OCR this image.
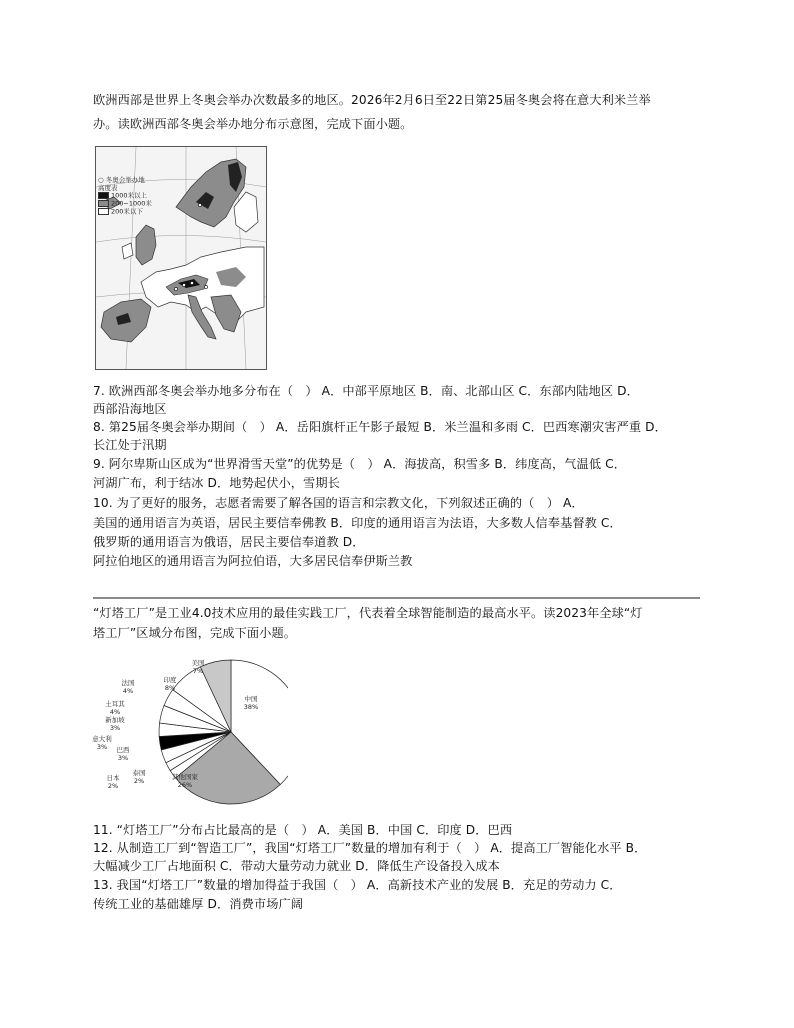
欧洲西部是世界上冬奥会举办次数最多的地区。2026年2月6日至22日第25届冬奥会将在意大利米兰举
办。读欧洲西部冬奥会举办地分布示意图，完成下面小题。
○ 冬奥会举办地
高度表
1000米以上
200~1000米
200米以下
7. 欧洲西部冬奥会举办地多分布在（　） A．中部平原地区 B．南、北部山区 C．东部内陆地区 D．
西部沿海地区
8. 第25届冬奥会举办期间（　） A．岳阳旗杆正午影子最短 B．米兰温和多雨 C．巴西寒潮灾害严重 D．
长江处于汛期
9. 阿尔卑斯山区成为“世界滑雪天堂”的优势是（　） A．海拔高，积雪多 B．纬度高，气温低 C．
河湖广布，利于结冰 D．地势起伏小，雪期长
10. 为了更好的服务，志愿者需要了解各国的语言和宗教文化，下列叙述正确的（　） A．
美国的通用语言为英语，居民主要信奉佛教 B．印度的通用语言为法语，大多数人信奉基督教 C．
俄罗斯的通用语言为俄语，居民主要信奉道教 D．
阿拉伯地区的通用语言为阿拉伯语，大多居民信奉伊斯兰教
“灯塔工厂”是工业4.0技术应用的最佳实践工厂，代表着全球智能制造的最高水平。读2023年全球“灯
塔工厂”区域分布图，完成下面小题。
中国
38%
其他国家
26%
泰国
2%
日本
2%
巴西
3%
意大利
3%
新加坡
3%
土耳其
4%
法国
4%
印度
8%
美国
7%
11. “灯塔工厂”分布占比最高的是（　） A．美国 B．中国 C．印度 D．巴西
12. 从制造工厂到“智造工厂”，我国“灯塔工厂”数量的增加有利于（　） A．提高工厂智能化水平 B．
大幅减少工厂占地面积 C．带动大量劳动力就业 D．降低生产设备投入成本
13. 我国“灯塔工厂”数量的增加得益于我国（　） A．高新技术产业的发展 B．充足的劳动力 C．
传统工业的基础雄厚 D．消费市场广阔
